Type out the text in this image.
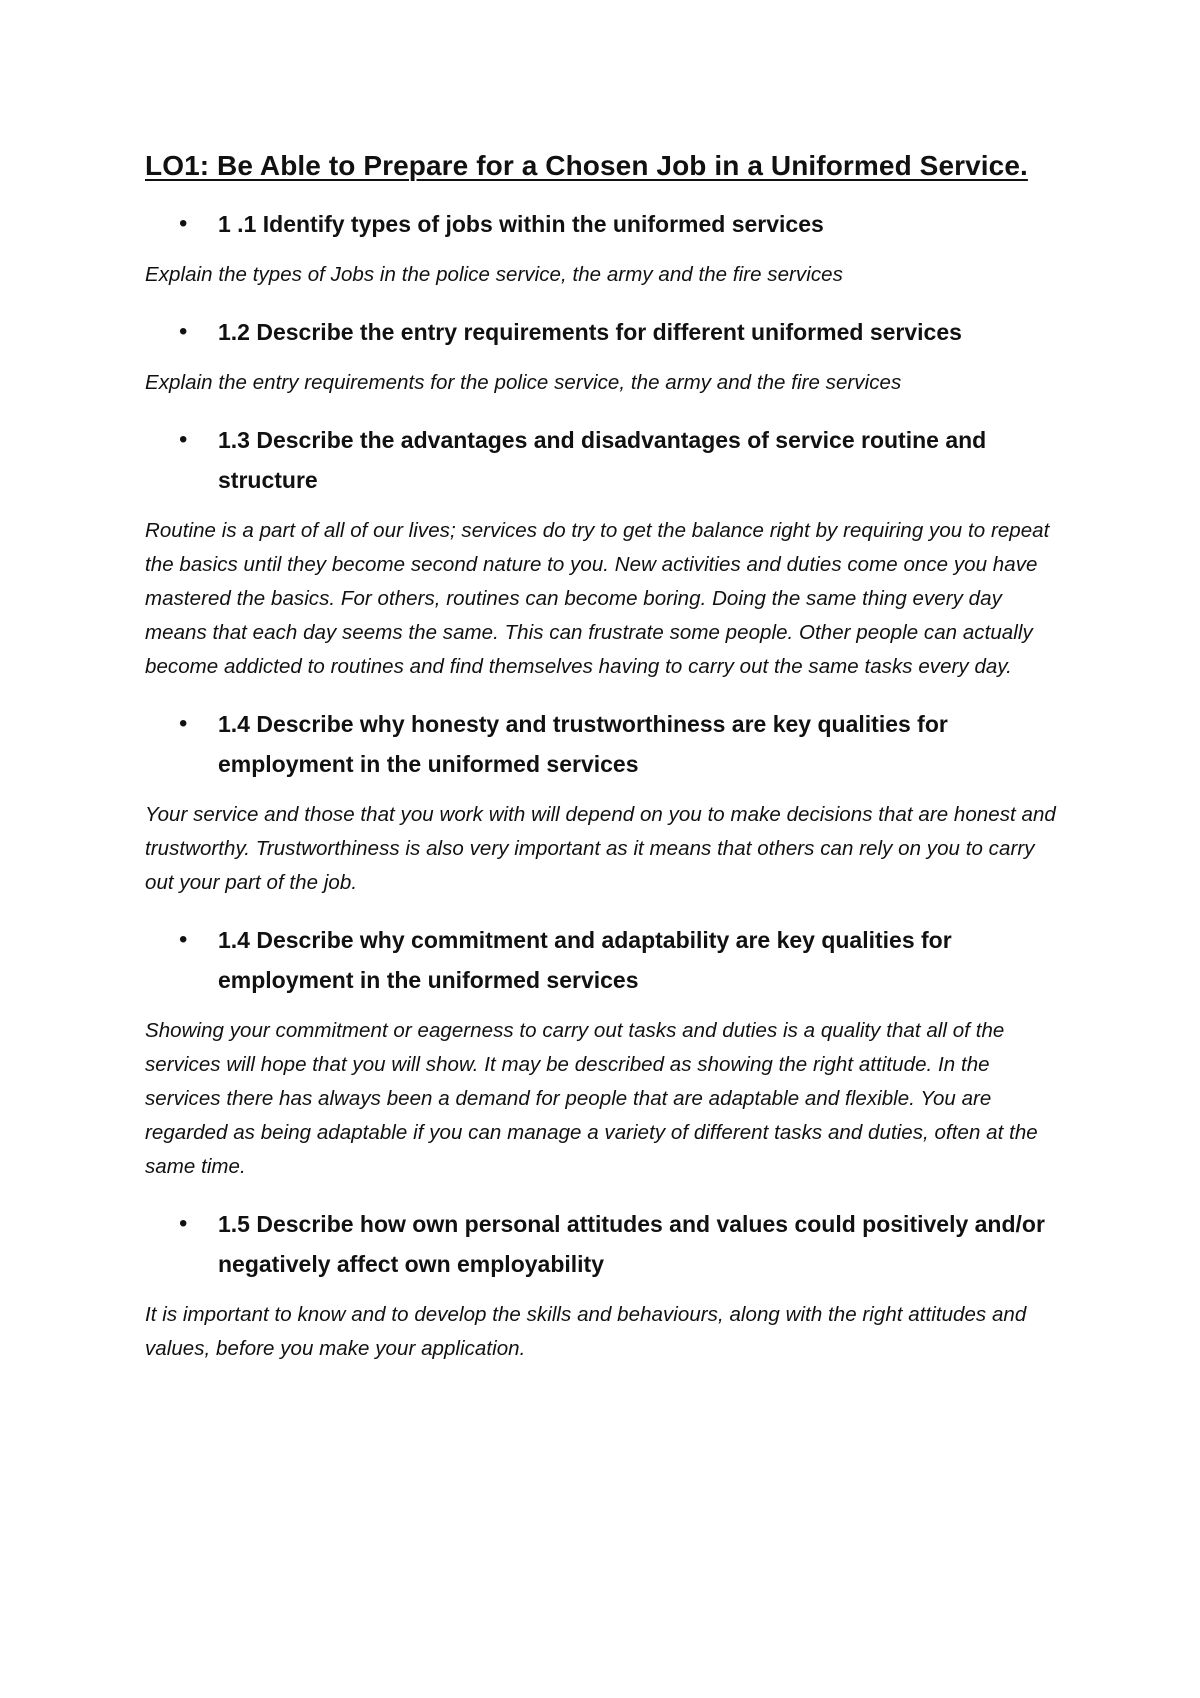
LO1: Be Able to Prepare for a Chosen Job in a Uniformed Service.
•	1 .1 Identify types of jobs within the uniformed services

Explain the types of Jobs in the police service, the army and the fire services

•	1.2 Describe the entry requirements for different uniformed services

Explain the entry requirements for the police service, the army and the fire services

•	1.3 Describe the advantages and disadvantages of service routine and structure

Routine is a part of all of our lives; services do try to get the balance right by requiring you to repeat the basics until they become second nature to you. New activities and duties come once you have mastered the basics. For others, routines can become boring. Doing the same thing every day means that each day seems the same. This can frustrate some people. Other people can actually become addicted to routines and find themselves having to carry out the same tasks every day.

•	1.4 Describe why honesty and trustworthiness are key qualities for employment in the uniformed services

Your service and those that you work with will depend on you to make decisions that are honest and trustworthy. Trustworthiness is also very important as it means that others can rely on you to carry out your part of the job.

•	1.4 Describe why commitment and adaptability are key qualities for employment in the uniformed services

Showing your commitment or eagerness to carry out tasks and duties is a quality that all of the services will hope that you will show. It may be described as showing the right attitude. In the services there has always been a demand for people that are adaptable and flexible. You are regarded as being adaptable if you can manage a variety of different tasks and duties, often at the same time.

•	1.5 Describe how own personal attitudes and values could positively and/or negatively affect own employability

It is important to know and to develop the skills and behaviours, along with the right attitudes and values, before you make your application.
